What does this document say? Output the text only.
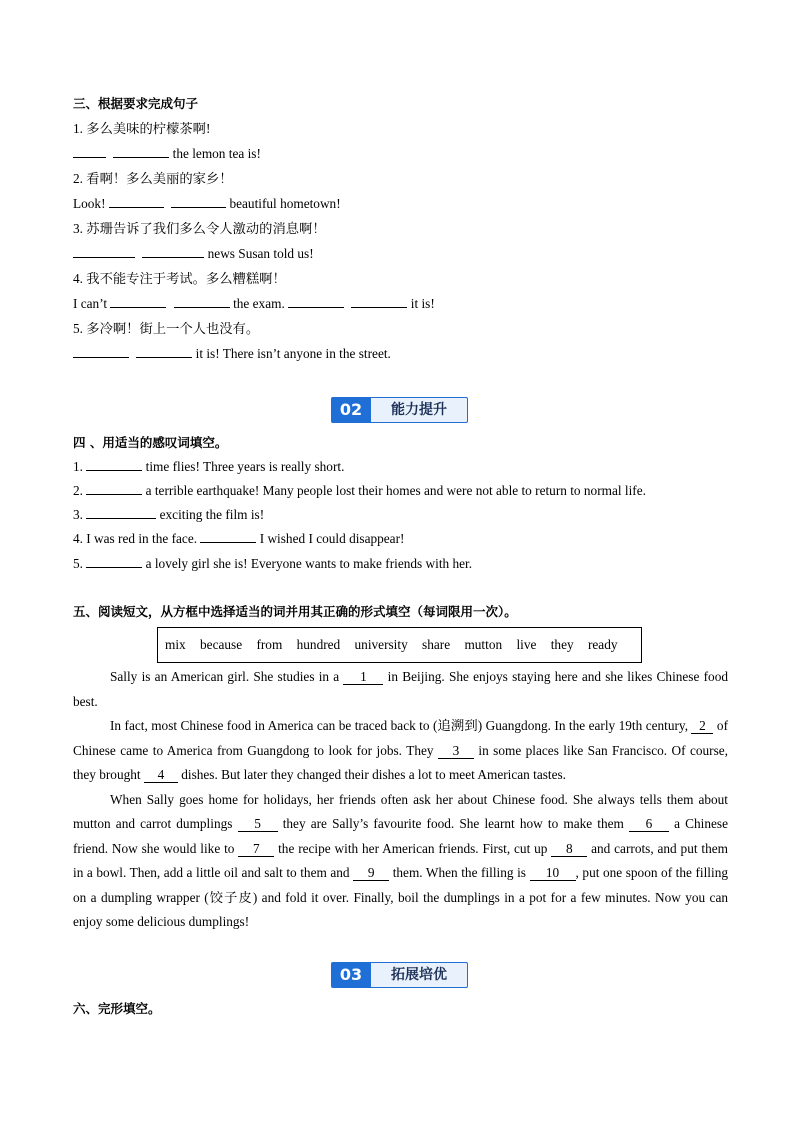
三、根据要求完成句子
1. 多么美味的柠檬茶啊!
the lemon tea is!
2. 看啊！多么美丽的家乡！
Look!	beautiful hometown!
3. 苏珊告诉了我们多么令人激动的消息啊！
news Susan told us!
4. 我不能专注于考试。多么糟糕啊！
I can’t	the exam.	it is!
5. 多冷啊！街上一个人也没有。
it is! There isn’t anyone in the street.
02	能力提升
四 、用适当的感叹词填空。
1.	time flies! Three years is really short.
2.	a terrible earthquake! Many people lost their homes and were not able to return to normal life.
3.	exciting the film is!
4. I was red in the face.	I wished I could disappear!
5.	a lovely girl she is! Everyone wants to make friends with her.
五、阅读短文，从方框中选择适当的词并用其正确的形式填空（每词限用一次）。
mix because from hundred university share mutton live they ready

Sally is an American girl. She studies in a 1 in Beijing. She enjoys staying here and she likes Chinese food best.

In fact, most Chinese food in America can be traced back to (追溯到) Guangdong. In the early 19th century, 2 of Chinese came to America from Guangdong to look for jobs. They 3 in some places like San Francisco. Of course, they brought 4 dishes. But later they changed their dishes a lot to meet American tastes.

When Sally goes home for holidays, her friends often ask her about Chinese food. She always tells them about mutton and carrot dumplings 5 they are Sally’s favourite food. She learnt how to make them 6 a Chinese friend. Now she would like to 7 the recipe with her American friends. First, cut up 8 and carrots, and put them in a bowl. Then, add a little oil and salt to them and 9 them. When the filling is 10 , put one spoon of the filling on a dumpling wrapper (饺子皮) and fold it over. Finally, boil the dumplings in a pot for a few minutes. Now you can enjoy some delicious dumplings!

03	拓展培优
六、完形填空。
